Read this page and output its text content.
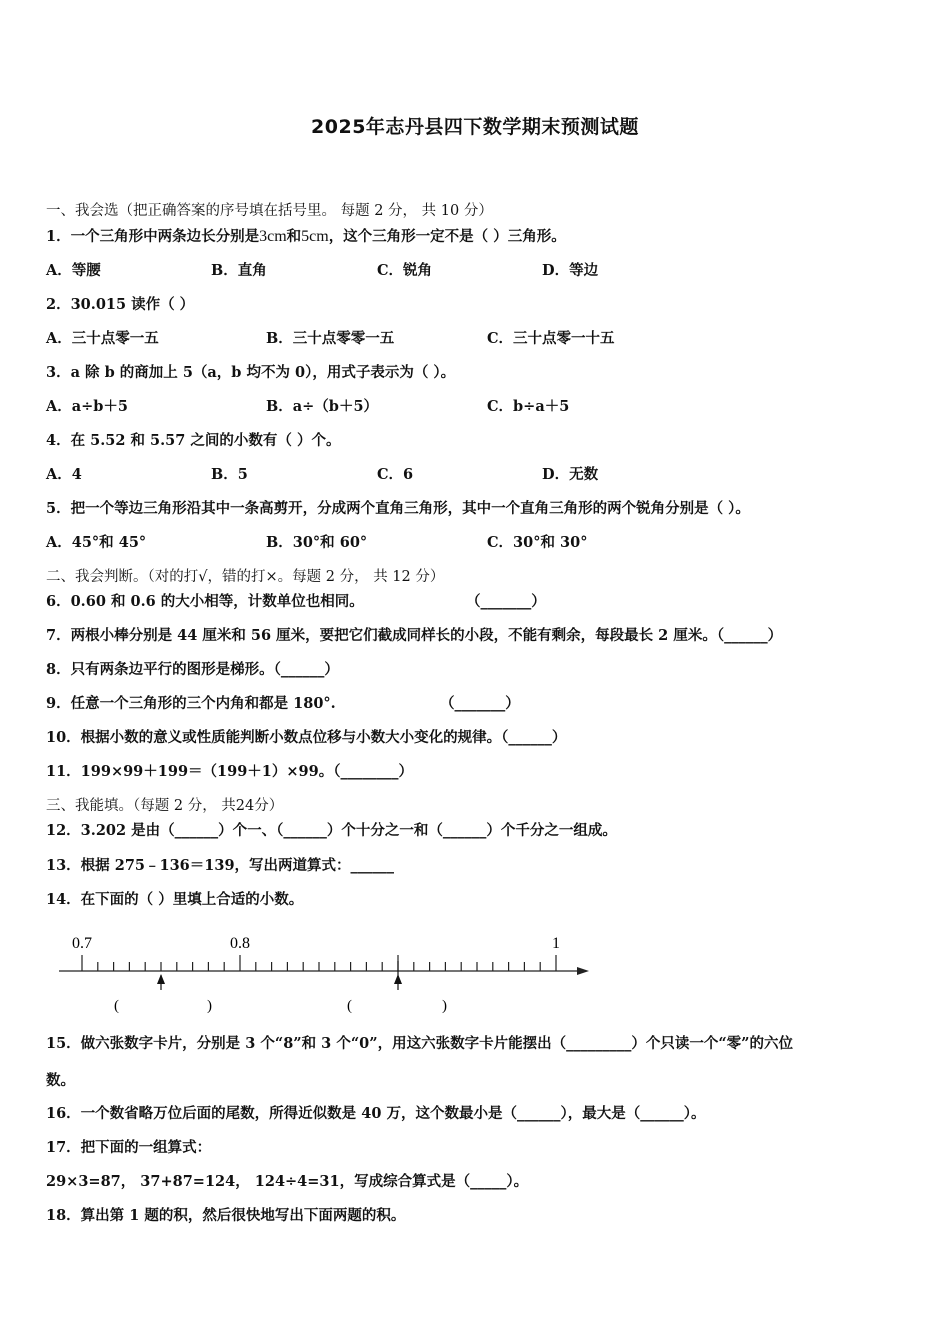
2025年志丹县四下数学期末预测试题
一、我会选（把正确答案的序号填在括号里。 每题 2 分， 共 10 分）
1．一个三角形中两条边长分别是3cm和5cm，这个三角形一定不是（ ）三角形。
A．等腰	B．直角	C．锐角	D．等边
2．30.015 读作（ ）
A．三十点零一五	B．三十点零零一五	C．三十点零一十五
3．a 除 b 的商加上 5（a，b 均不为 0），用式子表示为（ ）。
A．a÷b＋5	B．a÷（b＋5）	C．b÷a＋5
4．在 5.52 和 5.57 之间的小数有（ ）个。
A．4	B．5	C．6	D．无数
5．把一个等边三角形沿其中一条高剪开，分成两个直角三角形，其中一个直角三角形的两个锐角分别是（ ）。
A．45°和 45°	B．30°和 60°	C．30°和 30°
二、我会判断。（对的打√，错的打×。每题 2 分， 共 12 分）
6．0.60 和 0.6 的大小相等，计数单位也相同。	（_______）
7．两根小棒分别是 44 厘米和 56 厘米，要把它们截成同样长的小段，不能有剩余，每段最长 2 厘米。（______）
8．只有两条边平行的图形是梯形。（______）
9．任意一个三角形的三个内角和都是 180°.	（_______）
10．根据小数的意义或性质能判断小数点位移与小数大小变化的规律。（______）
11．199×99＋199＝（199＋1）×99。（________）
三、我能填。（每题 2 分， 共24分）
12．3.202 是由（______）个一、（______）个十分之一和（______）个千分之一组成。
13．根据 275﹣136＝139，写出两道算式：______
14．在下面的（ ）里填上合适的小数。
0.7	0.8	1
(	)	(	)
15．做六张数字卡片，分别是 3 个“8”和 3 个“0”，用这六张数字卡片能摆出（_________）个只读一个“零”的六位
数。
16．一个数省略万位后面的尾数，所得近似数是 40 万，这个数最小是（______），最大是（______）。
17．把下面的一组算式：
29×3=87， 37+87=124， 124÷4=31，写成综合算式是（_____）。
18．算出第 1 题的积，然后很快地写出下面两题的积。
